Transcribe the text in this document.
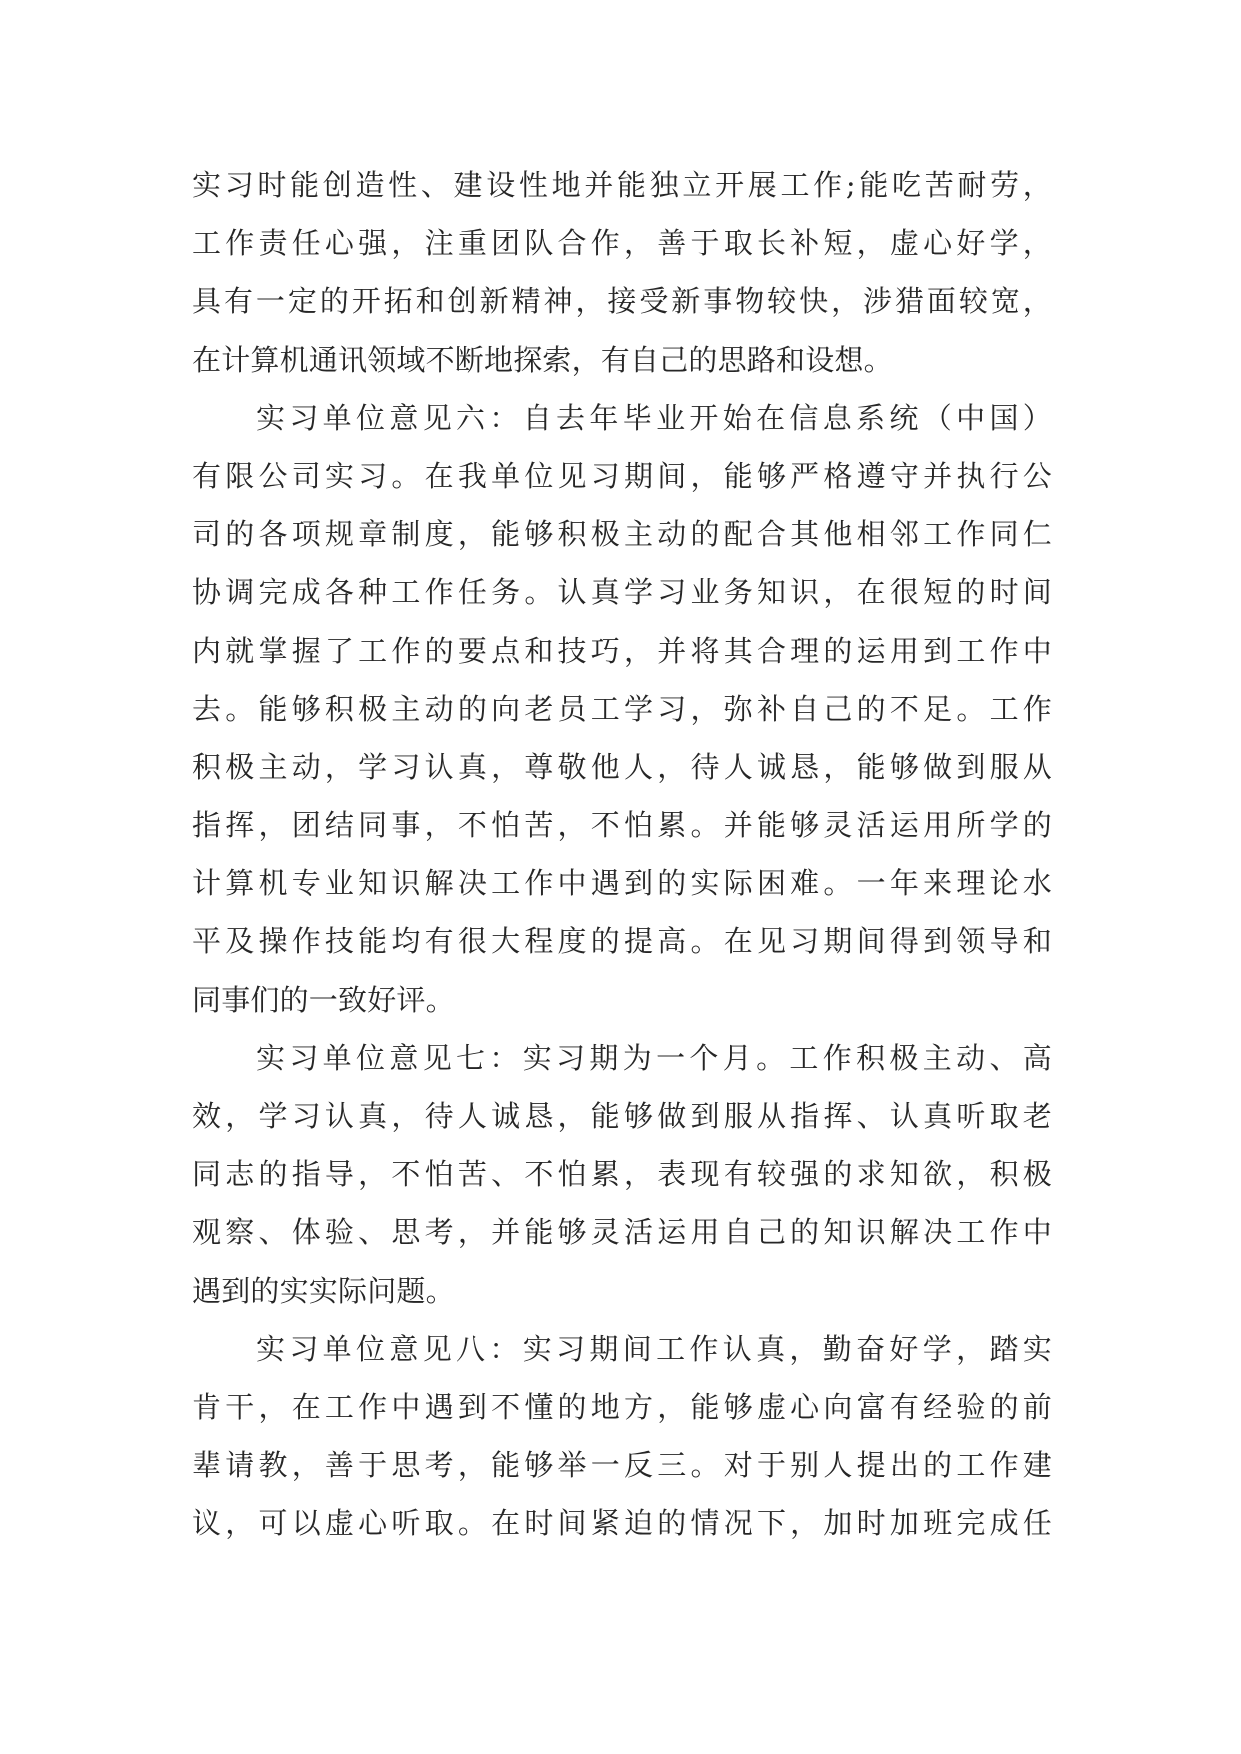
实习时能创造性、建设性地并能独立开展工作;能吃苦耐劳，
工作责任心强，注重团队合作，善于取长补短，虚心好学，
具有一定的开拓和创新精神，接受新事物较快，涉猎面较宽，
在计算机通讯领域不断地探索，有自己的思路和设想。
实习单位意见六：自去年毕业开始在信息系统（中国）
有限公司实习。在我单位见习期间，能够严格遵守并执行公
司的各项规章制度，能够积极主动的配合其他相邻工作同仁
协调完成各种工作任务。认真学习业务知识，在很短的时间
内就掌握了工作的要点和技巧，并将其合理的运用到工作中
去。能够积极主动的向老员工学习，弥补自己的不足。工作
积极主动，学习认真，尊敬他人，待人诚恳，能够做到服从
指挥，团结同事，不怕苦，不怕累。并能够灵活运用所学的
计算机专业知识解决工作中遇到的实际困难。一年来理论水
平及操作技能均有很大程度的提高。在见习期间得到领导和
同事们的一致好评。
实习单位意见七：实习期为一个月。工作积极主动、高
效，学习认真，待人诚恳，能够做到服从指挥、认真听取老
同志的指导，不怕苦、不怕累，表现有较强的求知欲，积极
观察、体验、思考，并能够灵活运用自己的知识解决工作中
遇到的实实际问题。
实习单位意见八：实习期间工作认真，勤奋好学，踏实
肯干，在工作中遇到不懂的地方，能够虚心向富有经验的前
辈请教，善于思考，能够举一反三。对于别人提出的工作建
议，可以虚心听取。在时间紧迫的情况下，加时加班完成任
